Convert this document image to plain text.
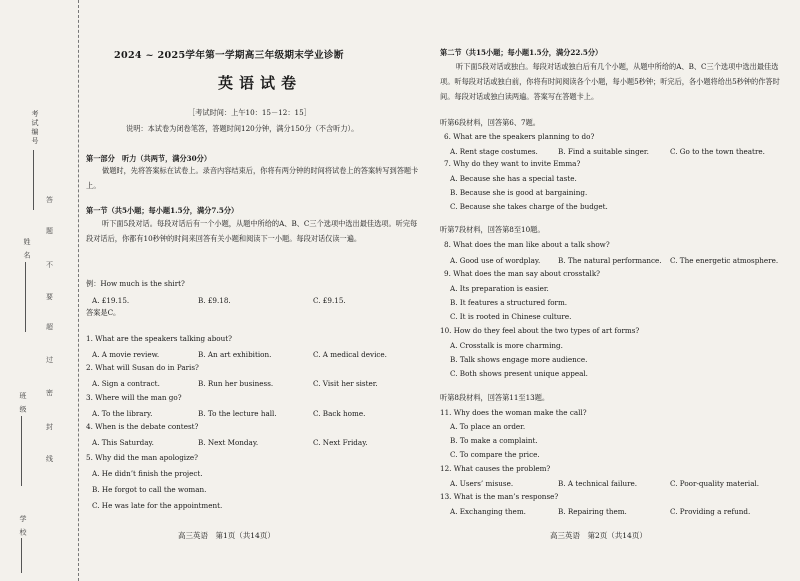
考试编号
姓 名
班 级
学 校
答
题
不
要
超
过
密
封
线
2024 ~ 2025学年第一学期高三年级期末学业诊断
英语试卷
［考试时间：上午10：15－12：15］
说明：本试卷为闭卷笔答，答题时间120分钟，满分150分（不含听力）。
第一部分　听力（共两节，满分30分）
做题时，先将答案标在试卷上。录音内容结束后，你将有两分钟的时间将试卷上的答案转写到答题卡上。
第一节（共5小题；每小题1.5分，满分7.5分）
听下面5段对话。每段对话后有一个小题，从题中所给的A、B、C三个选项中选出最佳选项。听完每段对话后，你都有10秒钟的时间来回答有关小题和阅读下一小题。每段对话仅读一遍。
例：How much is the shirt?
A. £19.15.	B. £9.18.	C. £9.15.
答案是C。
1. What are the speakers talking about?
A. A movie review.	B. An art exhibition.	C. A medical device.
2. What will Susan do in Paris?
A. Sign a contract.	B. Run her business.	C. Visit her sister.
3. Where will the man go?
A. To the library.	B. To the lecture hall.	C. Back home.
4. When is the debate contest?
A. This Saturday.	B. Next Monday.	C. Next Friday.
5. Why did the man apologize?
A. He didn’t finish the project.
B. He forgot to call the woman.
C. He was late for the appointment.
高三英语　第1页（共14页）
第二节（共15小题；每小题1.5分，满分22.5分）
听下面5段对话或独白。每段对话或独白后有几个小题，从题中所给的A、B、C三个选项中选出最佳选项。听每段对话或独白前，你将有时间阅读各个小题，每小题5秒钟；听完后，各小题将给出5秒钟的作答时间。每段对话或独白读两遍。答案写在答题卡上。
听第6段材料，回答第6、7题。
6. What are the speakers planning to do?
A. Rent stage costumes.	B. Find a suitable singer.	C. Go to the town theatre.
7. Why do they want to invite Emma?
A. Because she has a special taste.
B. Because she is good at bargaining.
C. Because she takes charge of the budget.
听第7段材料，回答第8至10题。
8. What does the man like about a talk show?
A. Good use of wordplay. B. The natural performance. C. The energetic atmosphere.
9. What does the man say about crosstalk?
A. Its preparation is easier.
B. It features a structured form.
C. It is rooted in Chinese culture.
10. How do they feel about the two types of art forms?
A. Crosstalk is more charming.
B. Talk shows engage more audience.
C. Both shows present unique appeal.
听第8段材料，回答第11至13题。
11. Why does the woman make the call?
A. To place an order.
B. To make a complaint.
C. To compare the price.
12. What causes the problem?
A. Users’ misuse.	B. A technical failure.	C. Poor-quality material.
13. What is the man’s response?
A. Exchanging them.	B. Repairing them.	C. Providing a refund.
高三英语　第2页（共14页）
